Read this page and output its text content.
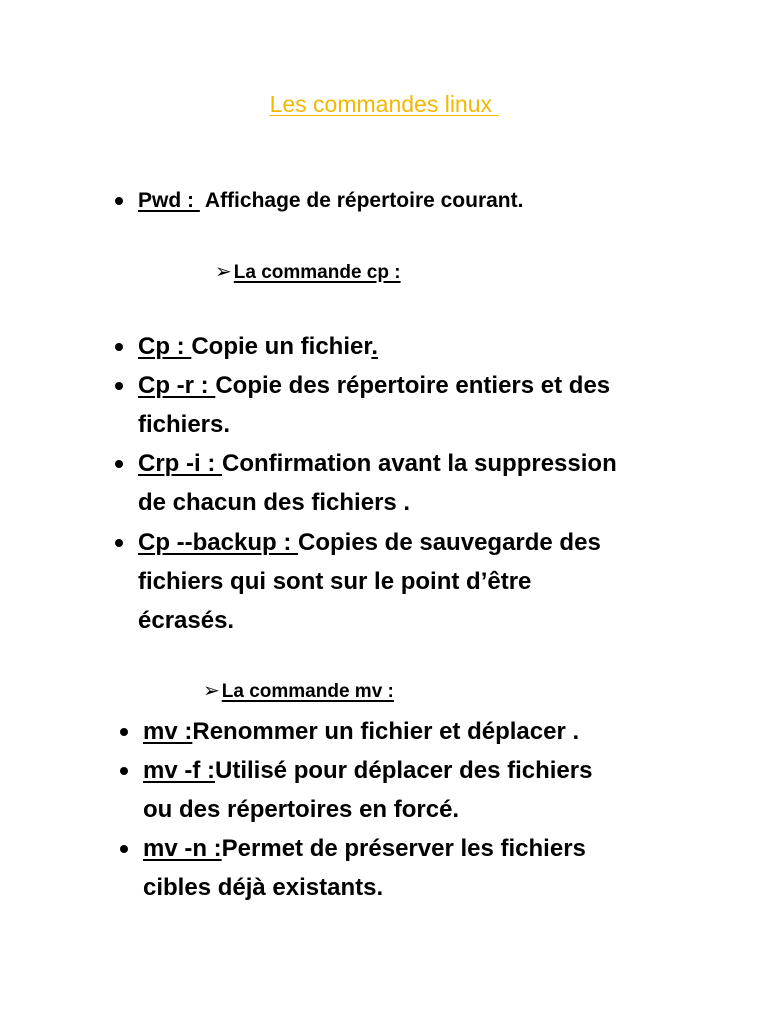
Les commandes linux
Pwd :  Affichage de répertoire courant.
➢ La commande cp :
Cp : Copie un fichier.
Cp -r : Copie des répertoire entiers et des
fichiers.
Crp -i : Confirmation avant la suppression
de chacun des fichiers .
Cp --backup : Copies de sauvegarde des
fichiers qui sont sur le point d’être
écrasés.
➢ La commande mv :
mv :Renommer un fichier et déplacer .
mv -f :Utilisé pour déplacer des fichiers
ou des répertoires en forcé.
mv -n :Permet de préserver les fichiers
cibles déjà existants.
